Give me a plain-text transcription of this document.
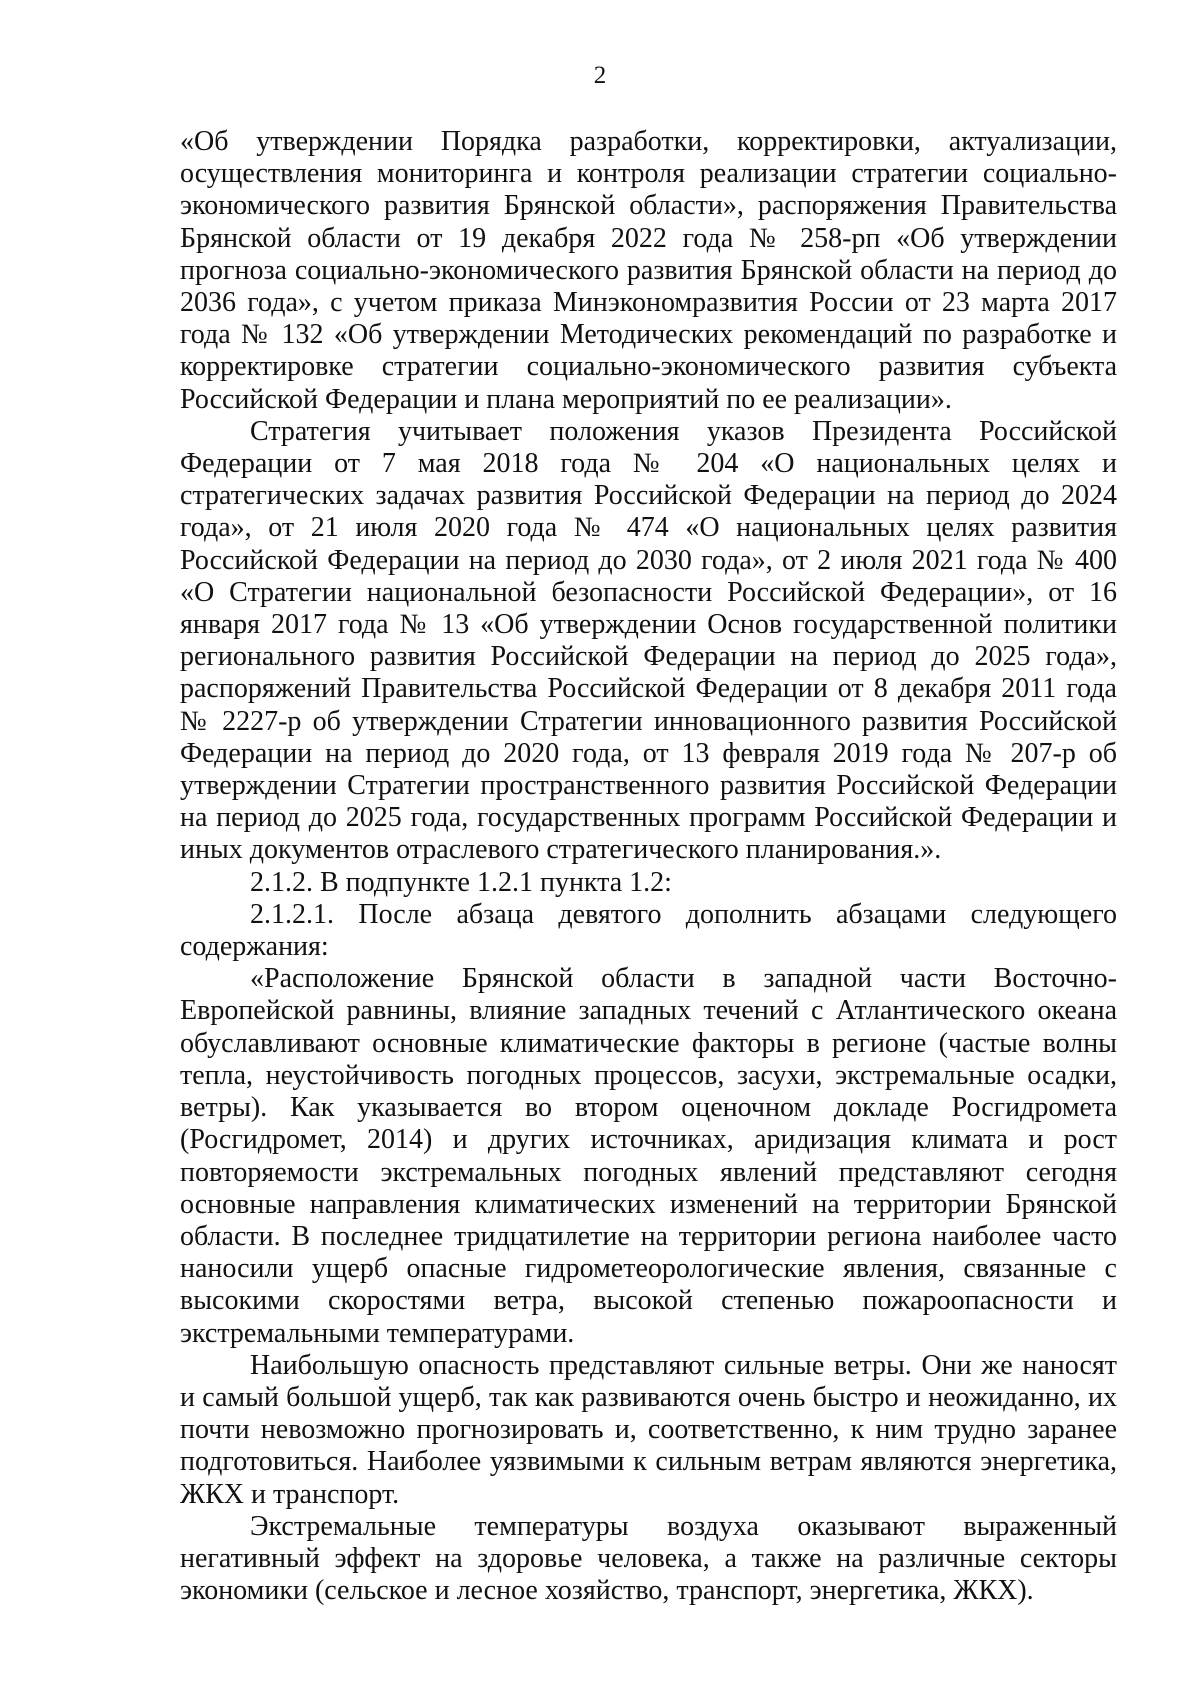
2

«Об утверждении Порядка разработки, корректировки, актуализации, осуществления мониторинга и контроля реализации стратегии социально-экономического развития Брянской области», распоряжения Правительства Брянской области от 19 декабря 2022 года № 258-рп «Об утверждении прогноза социально-экономического развития Брянской области на период до 2036 года», с учетом приказа Минэкономразвития России от 23 марта 2017 года № 132 «Об утверждении Методических рекомендаций по разработке и корректировке стратегии социально-экономического развития субъекта Российской Федерации и плана мероприятий по ее реализации».

Стратегия учитывает положения указов Президента Российской Федерации от 7 мая 2018 года № 204 «О национальных целях и стратегических задачах развития Российской Федерации на период до 2024 года», от 21 июля 2020 года № 474 «О национальных целях развития Российской Федерации на период до 2030 года», от 2 июля 2021 года № 400 «О Стратегии национальной безопасности Российской Федерации», от 16 января 2017 года № 13 «Об утверждении Основ государственной политики регионального развития Российской Федерации на период до 2025 года», распоряжений Правительства Российской Федерации от 8 декабря 2011 года № 2227-р об утверждении Стратегии инновационного развития Российской Федерации на период до 2020 года, от 13 февраля 2019 года № 207-р об утверждении Стратегии пространственного развития Российской Федерации на период до 2025 года, государственных программ Российской Федерации и иных документов отраслевого стратегического планирования.».

2.1.2. В подпункте 1.2.1 пункта 1.2:

2.1.2.1. После абзаца девятого дополнить абзацами следующего содержания:

«Расположение Брянской области в западной части Восточно-Европейской равнины, влияние западных течений с Атлантического океана обуславливают основные климатические факторы в регионе (частые волны тепла, неустойчивость погодных процессов, засухи, экстремальные осадки, ветры). Как указывается во втором оценочном докладе Росгидромета (Росгидромет, 2014) и других источниках, аридизация климата и рост повторяемости экстремальных погодных явлений представляют сегодня основные направления климатических изменений на территории Брянской области. В последнее тридцатилетие на территории региона наиболее часто наносили ущерб опасные гидрометеорологические явления, связанные с высокими скоростями ветра, высокой степенью пожароопасности и экстремальными температурами.

Наибольшую опасность представляют сильные ветры. Они же наносят и самый большой ущерб, так как развиваются очень быстро и неожиданно, их почти невозможно прогнозировать и, соответственно, к ним трудно заранее подготовиться. Наиболее уязвимыми к сильным ветрам являются энергетика, ЖКХ и транспорт.

Экстремальные температуры воздуха оказывают выраженный негативный эффект на здоровье человека, а также на различные секторы экономики (сельское и лесное хозяйство, транспорт, энергетика, ЖКХ).
